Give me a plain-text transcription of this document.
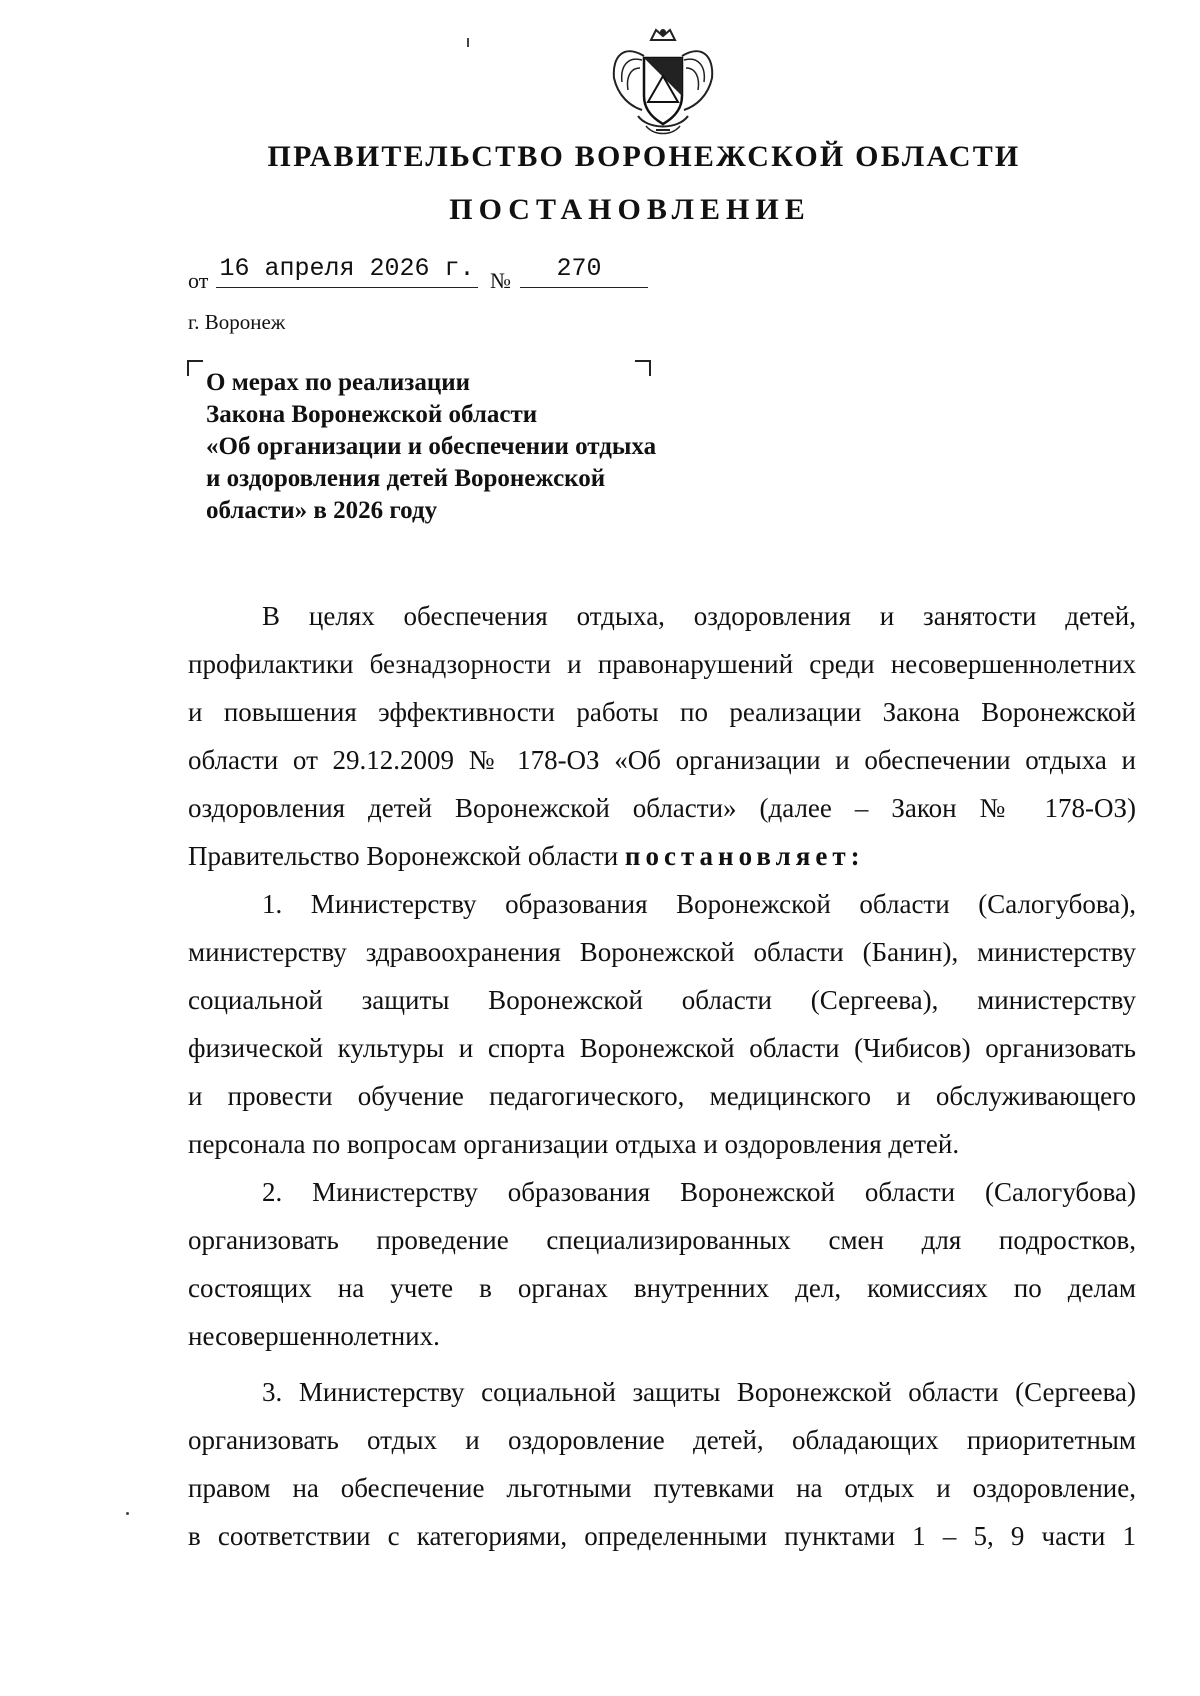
ПРАВИТЕЛЬСТВО ВОРОНЕЖСКОЙ ОБЛАСТИ
ПОСТАНОВЛЕНИЕ
от 16 апреля 2026 г. №	270
г. Воронеж
О мерах по реализации
Закона Воронежской области
«Об организации и обеспечении отдыха
и оздоровления детей Воронежской
области» в 2026 году
В целях обеспечения отдыха, оздоровления и занятости детей,
профилактики безнадзорности и правонарушений среди несовершеннолетних
и повышения эффективности работы по реализации Закона Воронежской
области от 29.12.2009 № 178-ОЗ «Об организации и обеспечении отдыха и
оздоровления детей Воронежской области» (далее – Закон № 178-ОЗ)
Правительство Воронежской области постановляет:
1. Министерству образования Воронежской области (Салогубова),
министерству здравоохранения Воронежской области (Банин), министерству
социальной защиты Воронежской области (Сергеева), министерству
физической культуры и спорта Воронежской области (Чибисов) организовать
и провести обучение педагогического, медицинского и обслуживающего
персонала по вопросам организации отдыха и оздоровления детей.
2. Министерству образования Воронежской области (Салогубова)
организовать проведение специализированных смен для подростков,
состоящих на учете в органах внутренних дел, комиссиях по делам
несовершеннолетних.
3. Министерству социальной защиты Воронежской области (Сергеева)
организовать отдых и оздоровление детей, обладающих приоритетным
правом на обеспечение льготными путевками на отдых и оздоровление,
в соответствии с категориями, определенными пунктами 1 – 5, 9 части 1
